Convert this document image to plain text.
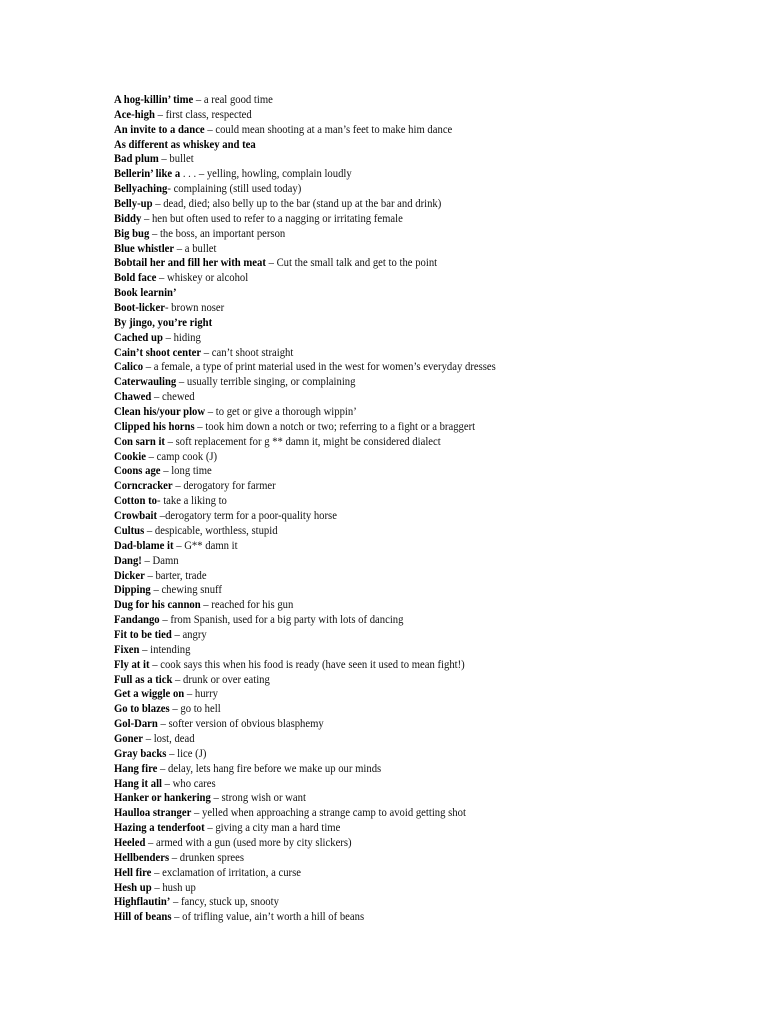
A hog-killin’ time – a real good time
Ace-high – first class, respected
An invite to a dance – could mean shooting at a man’s feet to make him dance
As different as whiskey and tea
Bad plum – bullet
Bellerin’ like a . . . – yelling, howling, complain loudly
Bellyaching- complaining (still used today)
Belly-up – dead, died; also belly up to the bar (stand up at the bar and drink)
Biddy – hen but often used to refer to a nagging or irritating female
Big bug – the boss, an important person
Blue whistler – a bullet
Bobtail her and fill her with meat – Cut the small talk and get to the point
Bold face – whiskey or alcohol
Book learnin’
Boot-licker- brown noser
By jingo, you’re right
Cached up – hiding
Cain’t shoot center – can’t shoot straight
Calico – a female, a type of print material used in the west for women’s everyday dresses
Caterwauling – usually terrible singing, or complaining
Chawed – chewed
Clean his/your plow – to get or give a thorough wippin’
Clipped his horns – took him down a notch or two; referring to a fight or a braggert
Con sarn it – soft replacement for g ** damn it, might be considered dialect
Cookie – camp cook (J)
Coons age – long time
Corncracker – derogatory for farmer
Cotton to- take a liking to
Crowbait –derogatory term for a poor-quality horse
Cultus – despicable, worthless, stupid
Dad-blame it – G** damn it
Dang! – Damn
Dicker – barter, trade
Dipping – chewing snuff
Dug for his cannon – reached for his gun
Fandango – from Spanish, used for a big party with lots of dancing
Fit to be tied – angry
Fixen – intending
Fly at it – cook says this when his food is ready (have seen it used to mean fight!)
Full as a tick – drunk or over eating
Get a wiggle on – hurry
Go to blazes – go to hell
Gol-Darn – softer version of obvious blasphemy
Goner – lost, dead
Gray backs – lice (J)
Hang fire – delay, lets hang fire before we make up our minds
Hang it all – who cares
Hanker or hankering – strong wish or want
Haulloa stranger – yelled when approaching a strange camp to avoid getting shot
Hazing a tenderfoot – giving a city man a hard time
Heeled – armed with a gun (used more by city slickers)
Hellbenders – drunken sprees
Hell fire – exclamation of irritation, a curse
Hesh up – hush up
Highflautin’ – fancy, stuck up, snooty
Hill of beans – of trifling value, ain’t worth a hill of beans
